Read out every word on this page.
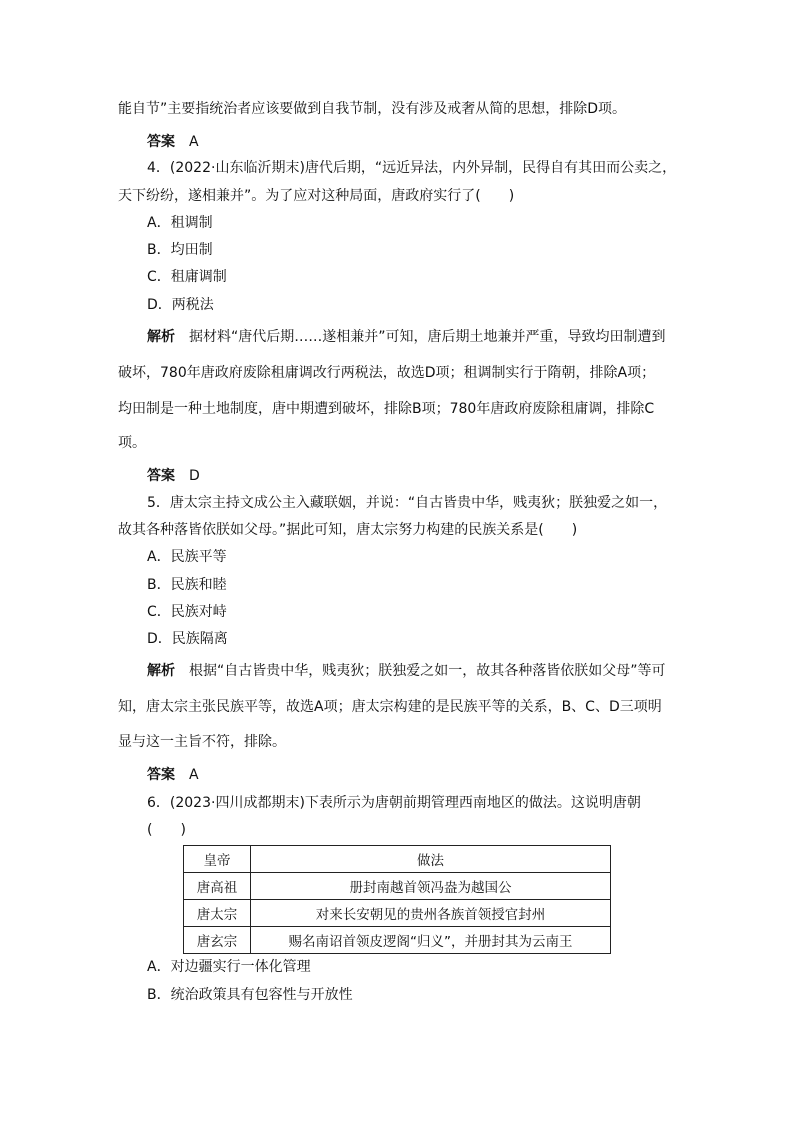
能自节”主要指统治者应该要做到自我节制，没有涉及戒奢从简的思想，排除D项。
答案 A
4．(2022·山东临沂期末)唐代后期，“远近异法，内外异制，民得自有其田而公卖之，
天下纷纷，遂相兼并”。为了应对这种局面，唐政府实行了(　　)
A．租调制
B．均田制
C．租庸调制
D．两税法
解析 据材料“唐代后期……遂相兼并”可知，唐后期土地兼并严重，导致均田制遭到
破坏，780年唐政府废除租庸调改行两税法，故选D项；租调制实行于隋朝，排除A项；
均田制是一种土地制度，唐中期遭到破坏，排除B项；780年唐政府废除租庸调，排除C
项。
答案 D
5．唐太宗主持文成公主入藏联姻，并说：“自古皆贵中华，贱夷狄；朕独爱之如一，
故其各种落皆依朕如父母。”据此可知，唐太宗努力构建的民族关系是(　　)
A．民族平等
B．民族和睦
C．民族对峙
D．民族隔离
解析 根据“自古皆贵中华，贱夷狄；朕独爱之如一，故其各种落皆依朕如父母”等可
知，唐太宗主张民族平等，故选A项；唐太宗构建的是民族平等的关系，B、C、D三项明
显与这一主旨不符，排除。
答案 A
6．(2023·四川成都期末)下表所示为唐朝前期管理西南地区的做法。这说明唐朝
(　　)
皇帝	做法
唐高祖	册封南越首领冯盎为越国公
唐太宗	对来长安朝见的贵州各族首领授官封州
唐玄宗	赐名南诏首领皮逻阁“归义”，并册封其为云南王
A．对边疆实行一体化管理
B．统治政策具有包容性与开放性
